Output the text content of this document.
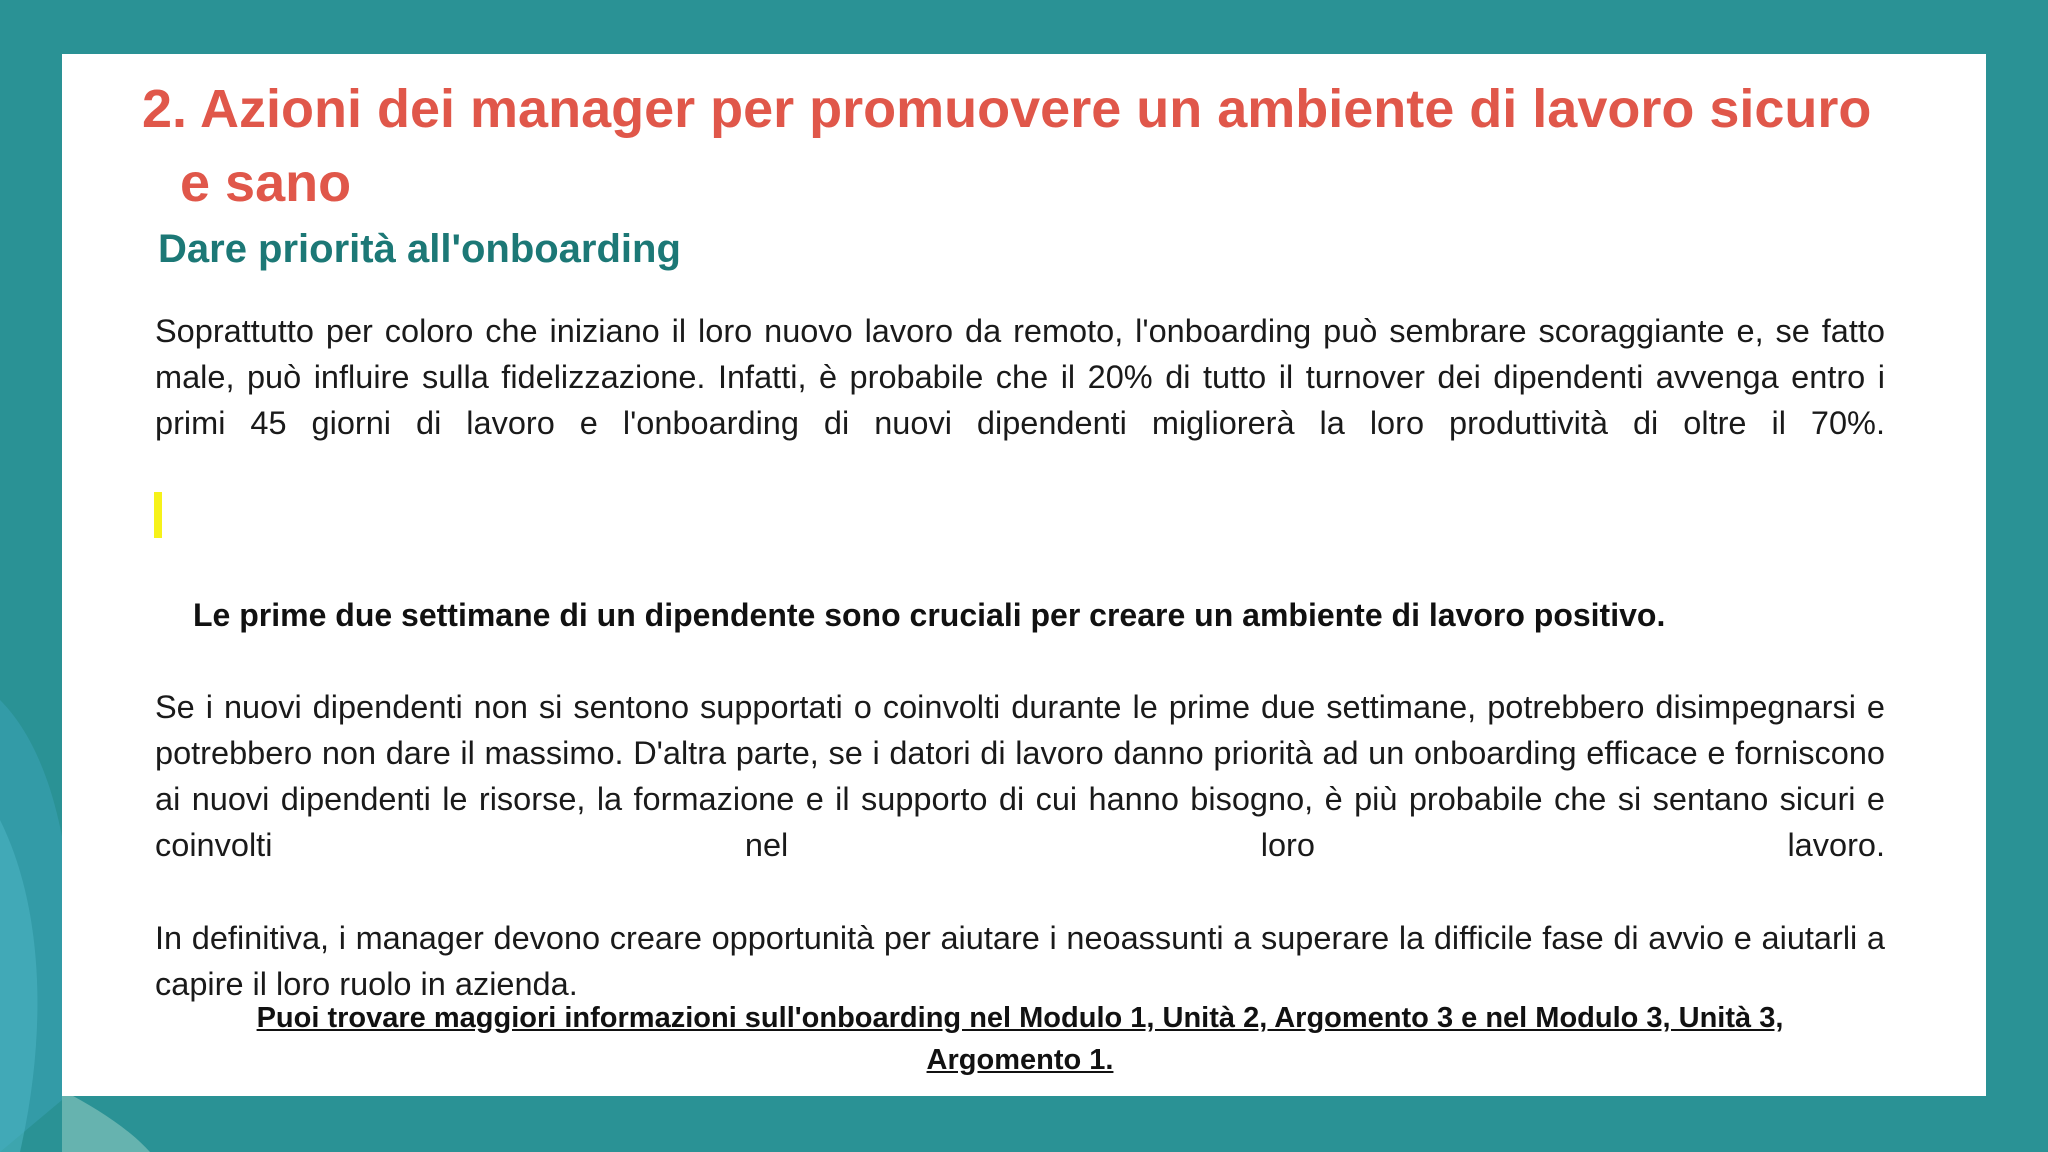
2. Azioni dei manager per promuovere un ambiente di lavoro sicuro
e sano
Dare priorità all'onboarding

Soprattutto per coloro che iniziano il loro nuovo lavoro da remoto, l'onboarding può sembrare scoraggiante e, se fatto male, può influire sulla fidelizzazione. Infatti, è probabile che il 20% di tutto il turnover dei dipendenti avvenga entro i primi 45 giorni di lavoro e l'onboarding di nuovi dipendenti migliorerà la loro produttività di oltre il 70%.

Le prime due settimane di un dipendente sono cruciali per creare un ambiente di lavoro positivo.

Se i nuovi dipendenti non si sentono supportati o coinvolti durante le prime due settimane, potrebbero disimpegnarsi e potrebbero non dare il massimo. D'altra parte, se i datori di lavoro danno priorità ad un onboarding efficace e forniscono ai nuovi dipendenti le risorse, la formazione e il supporto di cui hanno bisogno, è più probabile che si sentano sicuri e coinvolti nel loro lavoro.

In definitiva, i manager devono creare opportunità per aiutare i neoassunti a superare la difficile fase di avvio e aiutarli a capire il loro ruolo in azienda.

Puoi trovare maggiori informazioni sull'onboarding nel Modulo 1, Unità 2, Argomento 3 e nel Modulo 3, Unità 3,
Argomento 1.
